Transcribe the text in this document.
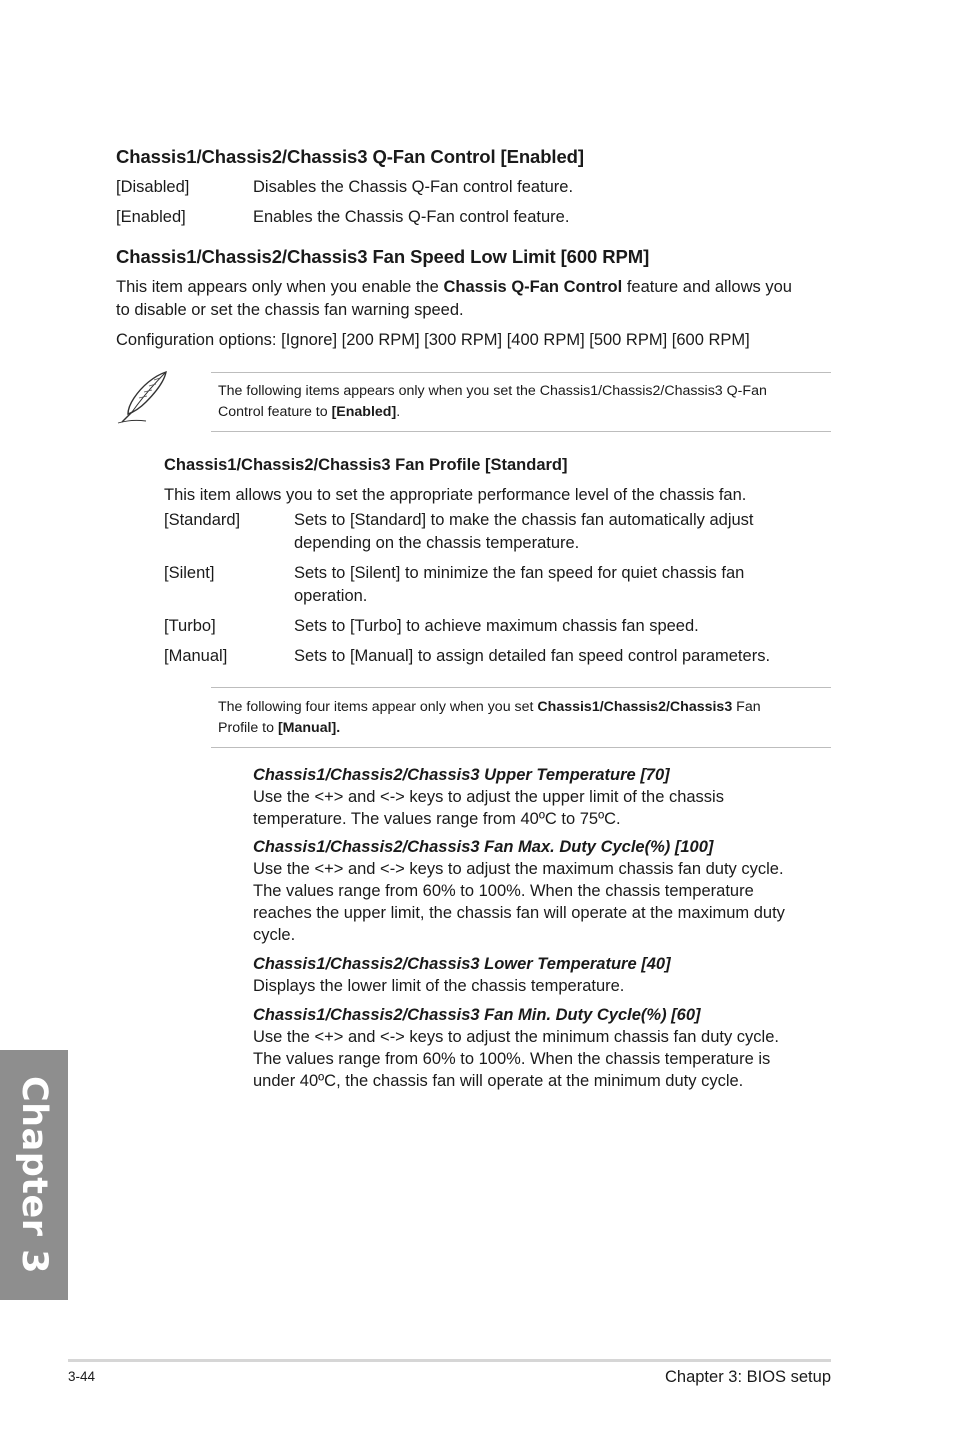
Chassis1/Chassis2/Chassis3 Q-Fan Control [Enabled]
[Disabled]	Disables the Chassis Q-Fan control feature.
[Enabled]	Enables the Chassis Q-Fan control feature.
Chassis1/Chassis2/Chassis3 Fan Speed Low Limit [600 RPM]
This item appears only when you enable the Chassis Q-Fan Control feature and allows you
to disable or set the chassis fan warning speed.
Configuration options: [Ignore] [200 RPM] [300 RPM] [400 RPM] [500 RPM] [600 RPM]
The following items appears only when you set the Chassis1/Chassis2/Chassis3 Q-Fan
Control feature to [Enabled].
Chassis1/Chassis2/Chassis3 Fan Profile [Standard]
This item allows you to set the appropriate performance level of the chassis fan.
[Standard]	Sets to [Standard] to make the chassis fan automatically adjust
depending on the chassis temperature.
[Silent]	Sets to [Silent] to minimize the fan speed for quiet chassis fan
operation.
[Turbo]	Sets to [Turbo] to achieve maximum chassis fan speed.
[Manual]	Sets to [Manual] to assign detailed fan speed control parameters.
The following four items appear only when you set Chassis1/Chassis2/Chassis3 Fan
Profile to [Manual].
Chassis1/Chassis2/Chassis3 Upper Temperature [70]
Use the <+> and <-> keys to adjust the upper limit of the chassis
temperature. The values range from 40ºC to 75ºC.
Chassis1/Chassis2/Chassis3 Fan Max. Duty Cycle(%) [100]
Use the <+> and <-> keys to adjust the maximum chassis fan duty cycle.
The values range from 60% to 100%. When the chassis temperature
reaches the upper limit, the chassis fan will operate at the maximum duty
cycle.
Chassis1/Chassis2/Chassis3 Lower Temperature [40]
Displays the lower limit of the chassis temperature.
Chassis1/Chassis2/Chassis3 Fan Min. Duty Cycle(%) [60]
Use the <+> and <-> keys to adjust the minimum chassis fan duty cycle.
The values range from 60% to 100%. When the chassis temperature is
under 40ºC, the chassis fan will operate at the minimum duty cycle.
Chapter 3
3-44	Chapter 3: BIOS setup
